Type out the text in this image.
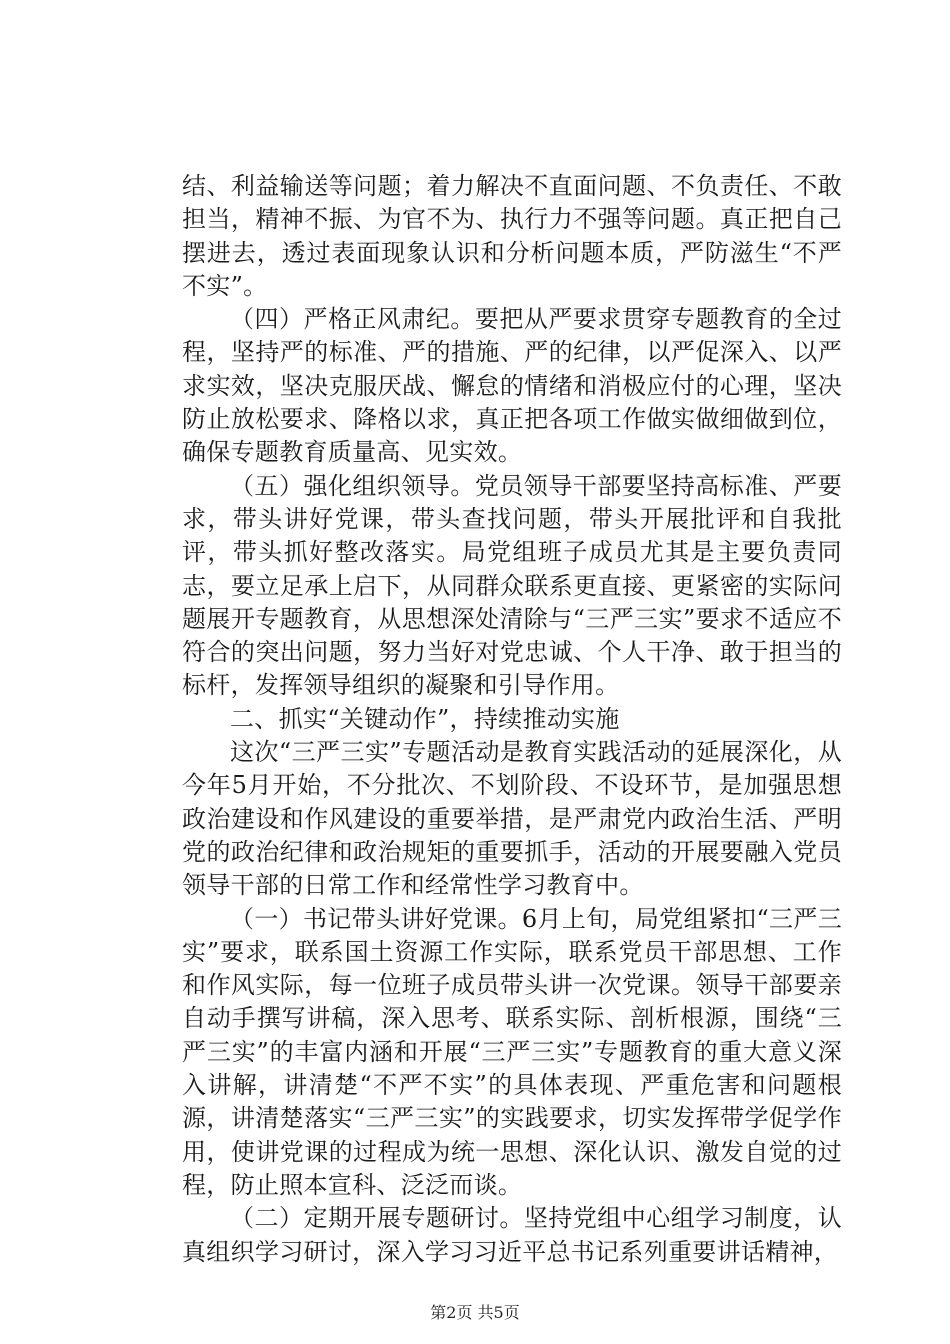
结、利益输送等问题；着力解决不直面问题、不负责任、不敢担当，精神不振、为官不为、执行力不强等问题。真正把自己摆进去，透过表面现象认识和分析问题本质，严防滋生“不严不实”。

（四）严格正风肃纪。要把从严要求贯穿专题教育的全过程，坚持严的标准、严的措施、严的纪律，以严促深入、以严求实效，坚决克服厌战、懈怠的情绪和消极应付的心理，坚决防止放松要求、降格以求，真正把各项工作做实做细做到位，确保专题教育质量高、见实效。

（五）强化组织领导。党员领导干部要坚持高标准、严要求，带头讲好党课，带头查找问题，带头开展批评和自我批评，带头抓好整改落实。局党组班子成员尤其是主要负责同志，要立足承上启下，从同群众联系更直接、更紧密的实际问题展开专题教育，从思想深处清除与“三严三实”要求不适应不符合的突出问题，努力当好对党忠诚、个人干净、敢于担当的标杆，发挥领导组织的凝聚和引导作用。

二、抓实“关键动作”，持续推动实施

这次“三严三实”专题活动是教育实践活动的延展深化，从今年5月开始，不分批次、不划阶段、不设环节，是加强思想政治建设和作风建设的重要举措，是严肃党内政治生活、严明党的政治纪律和政治规矩的重要抓手，活动的开展要融入党员领导干部的日常工作和经常性学习教育中。

（一）书记带头讲好党课。6月上旬，局党组紧扣“三严三实”要求，联系国土资源工作实际，联系党员干部思想、工作和作风实际，每一位班子成员带头讲一次党课。领导干部要亲自动手撰写讲稿，深入思考、联系实际、剖析根源，围绕“三严三实”的丰富内涵和开展“三严三实”专题教育的重大意义深入讲解，讲清楚“不严不实”的具体表现、严重危害和问题根源，讲清楚落实“三严三实”的实践要求，切实发挥带学促学作用，使讲党课的过程成为统一思想、深化认识、激发自觉的过程，防止照本宣科、泛泛而谈。

（二）定期开展专题研讨。坚持党组中心组学习制度，认真组织学习研讨，深入学习习近平总书记系列重要讲话精神，

第2页 共5页
